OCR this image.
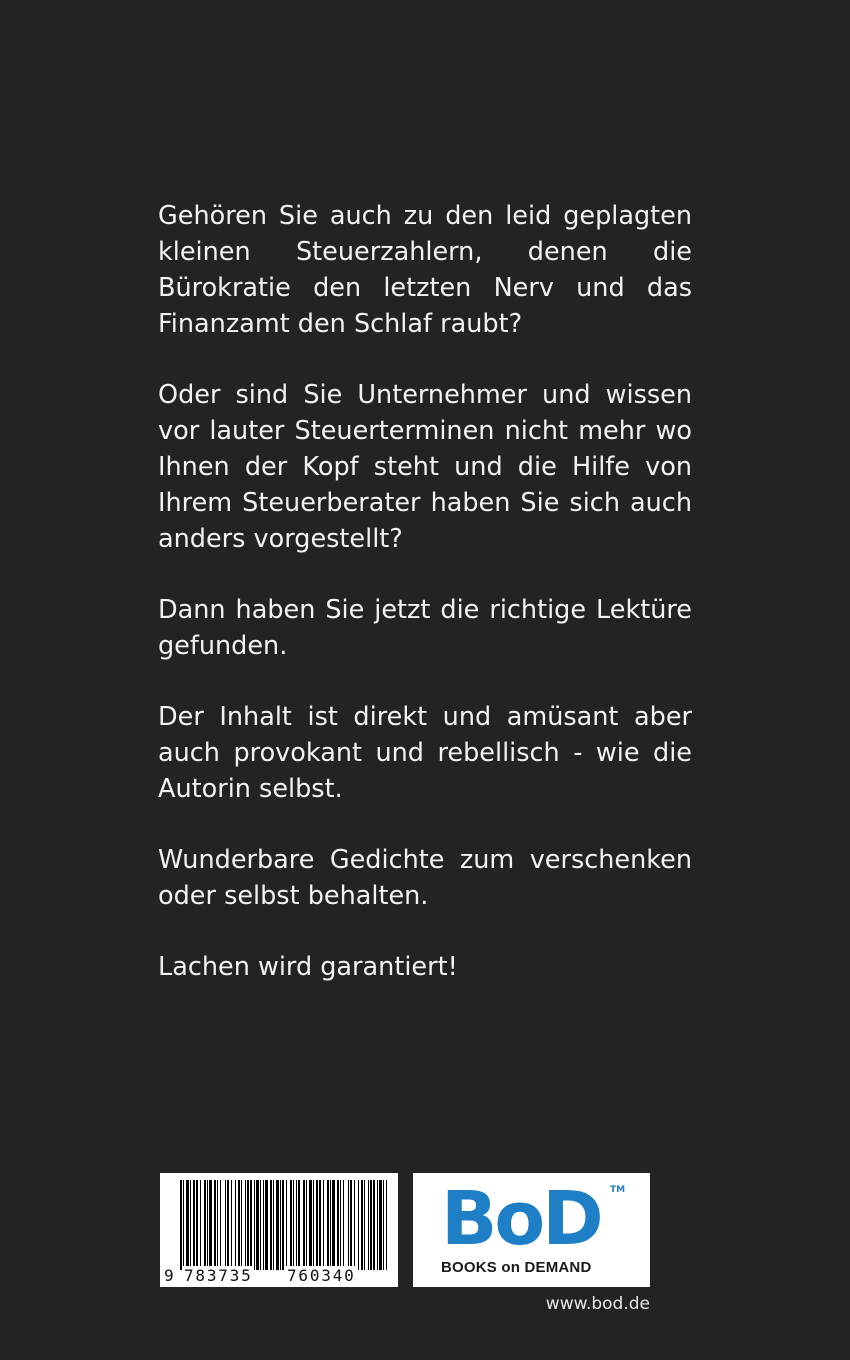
Gehören Sie auch zu den leid geplagten kleinen Steuerzahlern, denen die Bürokratie den letzten Nerv und das Finanzamt den Schlaf raubt?

Oder sind Sie Unternehmer und wissen vor lauter Steuerterminen nicht mehr wo Ihnen der Kopf steht und die Hilfe von Ihrem Steuerberater haben Sie sich auch anders vorgestellt?

Dann haben Sie jetzt die richtige Lektüre gefunden.

Der Inhalt ist direkt und amüsant aber auch provokant und rebellisch - wie die Autorin selbst.

Wunderbare Gedichte zum verschenken oder selbst behalten.

Lachen wird garantiert!

9 783735 760340
BoD TM
BOOKS on DEMAND
www.bod.de
